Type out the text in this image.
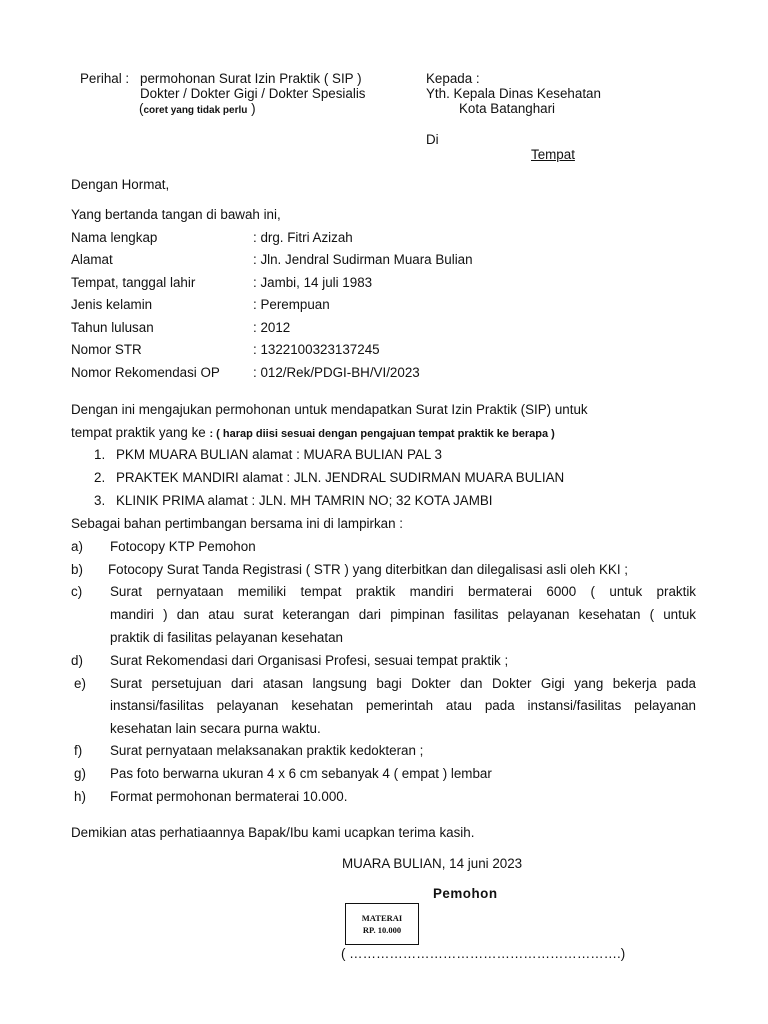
Perihal : permohonan Surat Izin Praktik ( SIP )
Dokter / Dokter Gigi / Dokter Spesialis
(coret yang tidak perlu )
Kepada :
Yth. Kepala Dinas Kesehatan
Kota Batanghari
Di
Tempat
Dengan Hormat,
Yang bertanda tangan di bawah ini,
Nama lengkap	: drg. Fitri Azizah
Alamat	: Jln. Jendral Sudirman Muara Bulian
Tempat, tanggal lahir	: Jambi, 14 juli 1983
Jenis kelamin	: Perempuan
Tahun lulusan	: 2012
Nomor STR	: 1322100323137245
Nomor Rekomendasi OP : 012/Rek/PDGI-BH/VI/2023
Dengan ini mengajukan permohonan untuk mendapatkan Surat Izin Praktik (SIP) untuk
tempat praktik yang ke : ( harap diisi sesuai dengan pengajuan tempat praktik ke berapa )
1. PKM MUARA BULIAN alamat : MUARA BULIAN PAL 3
2. PRAKTEK MANDIRI alamat : JLN. JENDRAL SUDIRMAN MUARA BULIAN
3. KLINIK PRIMA alamat : JLN. MH TAMRIN NO; 32 KOTA JAMBI
Sebagai bahan pertimbangan bersama ini di lampirkan :
a) Fotocopy KTP Pemohon
b) Fotocopy Surat Tanda Registrasi ( STR ) yang diterbitkan dan dilegalisasi asli oleh KKI ;
c) Surat pernyataan memiliki tempat praktik mandiri bermaterai 6000 ( untuk praktik
mandiri ) dan atau surat keterangan dari pimpinan fasilitas pelayanan kesehatan ( untuk
praktik di fasilitas pelayanan kesehatan
d) Surat Rekomendasi dari Organisasi Profesi, sesuai tempat praktik ;
e) Surat persetujuan dari atasan langsung bagi Dokter dan Dokter Gigi yang bekerja pada
instansi/fasilitas pelayanan kesehatan pemerintah atau pada instansi/fasilitas pelayanan
kesehatan lain secara purna waktu.
f) Surat pernyataan melaksanakan praktik kedokteran ;
g) Pas foto berwarna ukuran 4 x 6 cm sebanyak 4 ( empat ) lembar
h) Format permohonan bermaterai 10.000.
Demikian atas perhatiaannya Bapak/Ibu kami ucapkan terima kasih.
MUARA BULIAN, 14 juni 2023
Pemohon
MATERAI
RP. 10.000
( …………………………………………………….)
